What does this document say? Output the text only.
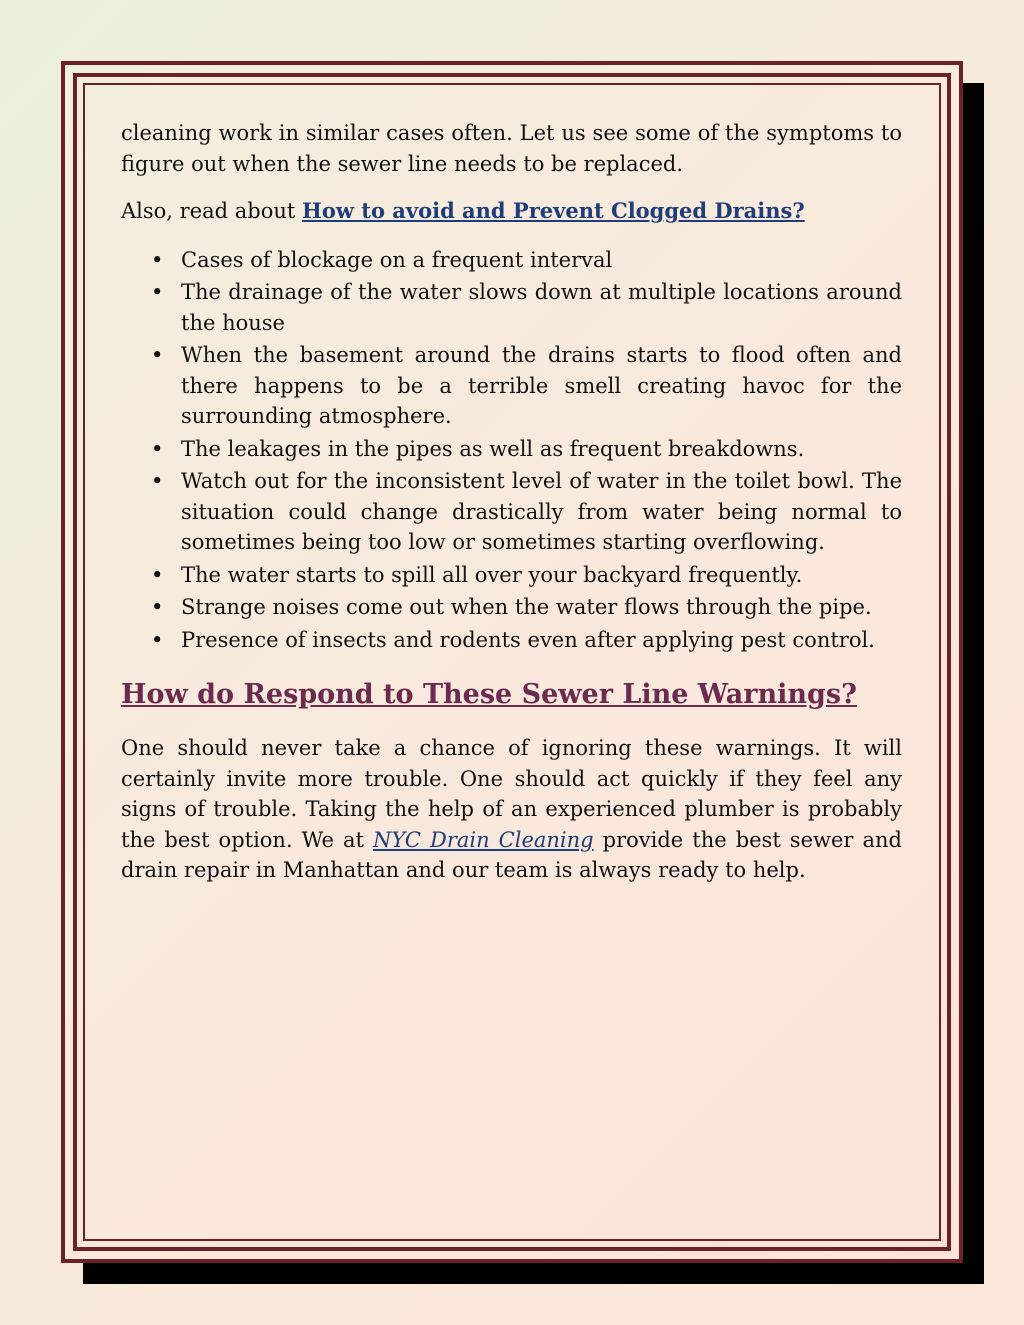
cleaning work in similar cases often. Let us see some of the symptoms to figure out when the sewer line needs to be replaced.

Also, read about How to avoid and Prevent Clogged Drains?

• Cases of blockage on a frequent interval
• The drainage of the water slows down at multiple locations around the house
• When the basement around the drains starts to flood often and there happens to be a terrible smell creating havoc for the surrounding atmosphere.
• The leakages in the pipes as well as frequent breakdowns.
• Watch out for the inconsistent level of water in the toilet bowl. The situation could change drastically from water being normal to sometimes being too low or sometimes starting overflowing.
• The water starts to spill all over your backyard frequently.
• Strange noises come out when the water flows through the pipe.
• Presence of insects and rodents even after applying pest control.
How do Respond to These Sewer Line Warnings?

One should never take a chance of ignoring these warnings. It will certainly invite more trouble. One should act quickly if they feel any signs of trouble. Taking the help of an experienced plumber is probably the best option. We at NYC Drain Cleaning provide the best sewer and drain repair in Manhattan and our team is always ready to help.
